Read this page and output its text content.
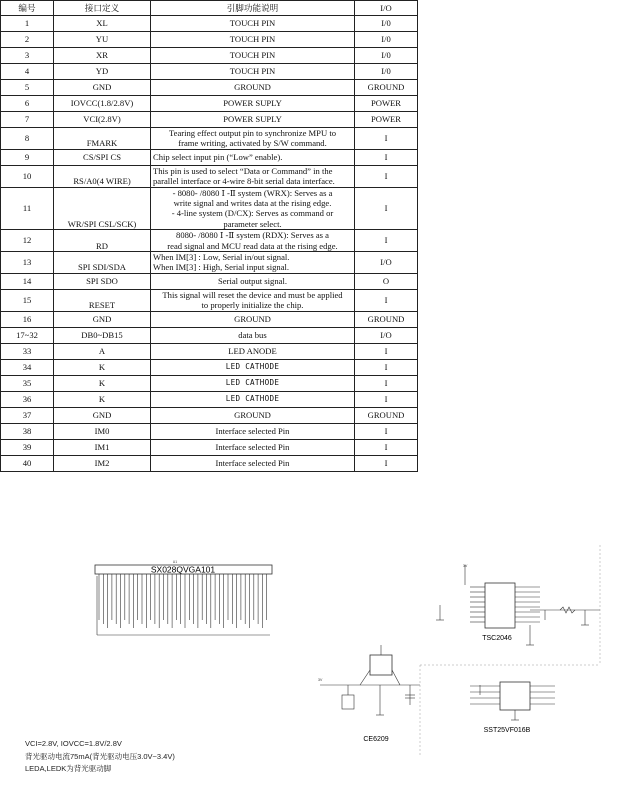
编号	接口定义	引脚功能说明	I/O
1	XL	TOUCH PIN	I/0
2	YU	TOUCH PIN	I/0
3	XR	TOUCH PIN	I/0
4	YD	TOUCH PIN	I/0
5	GND	GROUND	GROUND
6	IOVCC(1.8/2.8V)	POWER SUPLY	POWER
7	VCI(2.8V)	POWER SUPLY	POWER
8	FMARK	Tearing effect output pin to synchronize MPU to
frame writing, activated by S/W command.	I
9	CS/SPI CS	Chip select input pin (“Low” enable).	I
10	RS/A0(4 WIRE)	This pin is used to select “Data or Command” in the
parallel interface or 4-wire 8-bit serial data interface.	I
11	WR/SPI CSL/SCK)	- 8080- /8080 Ⅰ -Ⅱ system (WRX): Serves as a
write signal and writes data at the rising edge.
- 4-line system (D/CX): Serves as command or
parameter select.	I
12	RD	8080- /8080 Ⅰ -Ⅱ system (RDX): Serves as a
read signal and MCU read data at the rising edge.	I
13	SPI SDI/SDA	When IM[3] : Low, Serial in/out signal.
When IM[3] : High, Serial input signal.	I/O
14	SPI SDO	Serial output signal.	O
15	RESET	This signal will reset the device and must be applied
to properly initialize the chip.	I
16	GND	GROUND	GROUND
17~32	DB0~DB15	data bus	I/O
33	A	LED ANODE	I
34	K	LED CATHODE	I
35	K	LED CATHODE	I
36	K	LED CATHODE	I
37	GND	GROUND	GROUND
38	IM0	Interface selected Pin	I
39	IM1	Interface selected Pin	I
40	IM2	Interface selected Pin	I
SX028QVGA101
U1
3V
TSC2046
3V
CE6209
SST25VF016B
VCI=2.8V, IOVCC=1.8V/2.8V
背光驱动电流75mA(背光驱动电压3.0V~3.4V)
LEDA,LEDK为背光驱动脚
